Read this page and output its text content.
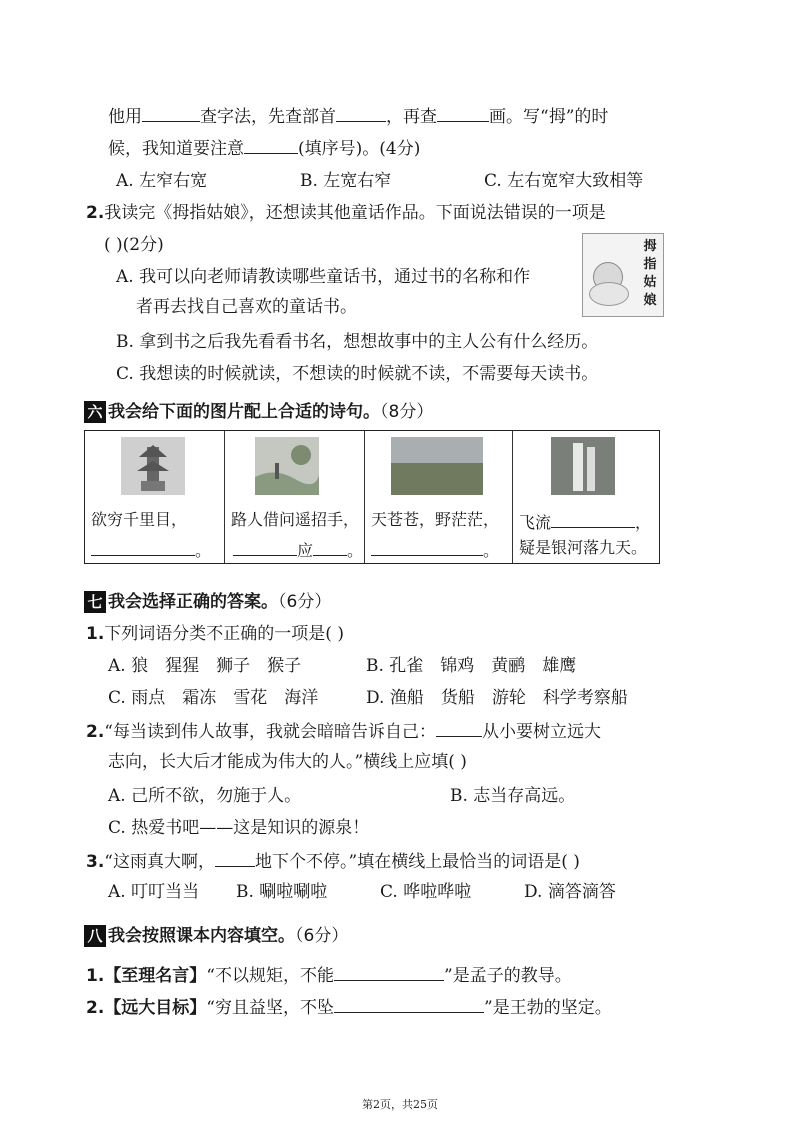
他用	查字法，先查部首	，再查	画。写“拇”的时
候，我知道要注意	(填序号)。(4分)
A. 左窄右宽	B. 左宽右窄	C. 左右宽窄大致相等
2.我读完《拇指姑娘》，还想读其他童话作品。下面说法错误的一项是
( )(2分)
A. 我可以向老师请教读哪些童话书，通过书的名称和作
者再去找自己喜欢的童话书。
B. 拿到书之后我先看看书名，想想故事中的主人公有什么经历。
C. 我想读的时候就读，不想读的时候就不读，不需要每天读书。
拇
指
姑
娘
六 我会给下面的图片配上合适的诗句。（8分）
欲穷千里目，
。
路人借问遥招手，
应 。
天苍苍，野茫茫，
。
飞流	，
疑是银河落九天。
七 我会选择正确的答案。（6分）
1.下列词语分类不正确的一项是( )
A. 狼　猩猩　狮子　猴子	B. 孔雀　锦鸡　黄鹂　雄鹰
C. 雨点　霜冻　雪花　海洋	D. 渔船　货船　游轮　科学考察船
2.“每当读到伟人故事，我就会暗暗告诉自己：	从小要树立远大
志向，长大后才能成为伟大的人。”横线上应填( )
A. 己所不欲，勿施于人。	B. 志当存高远。
C. 热爱书吧——这是知识的源泉！
3.“这雨真大啊， 地下个不停。”填在横线上最恰当的词语是( )
A. 叮叮当当 B. 唰啦唰啦	C. 哗啦哗啦	D. 滴答滴答
八 我会按照课本内容填空。（6分）
1.【至理名言】“不以规矩，不能	”是孟子的教导。
2.【远大目标】“穷且益坚，不坠	”是王勃的坚定。
第2页，共25页
